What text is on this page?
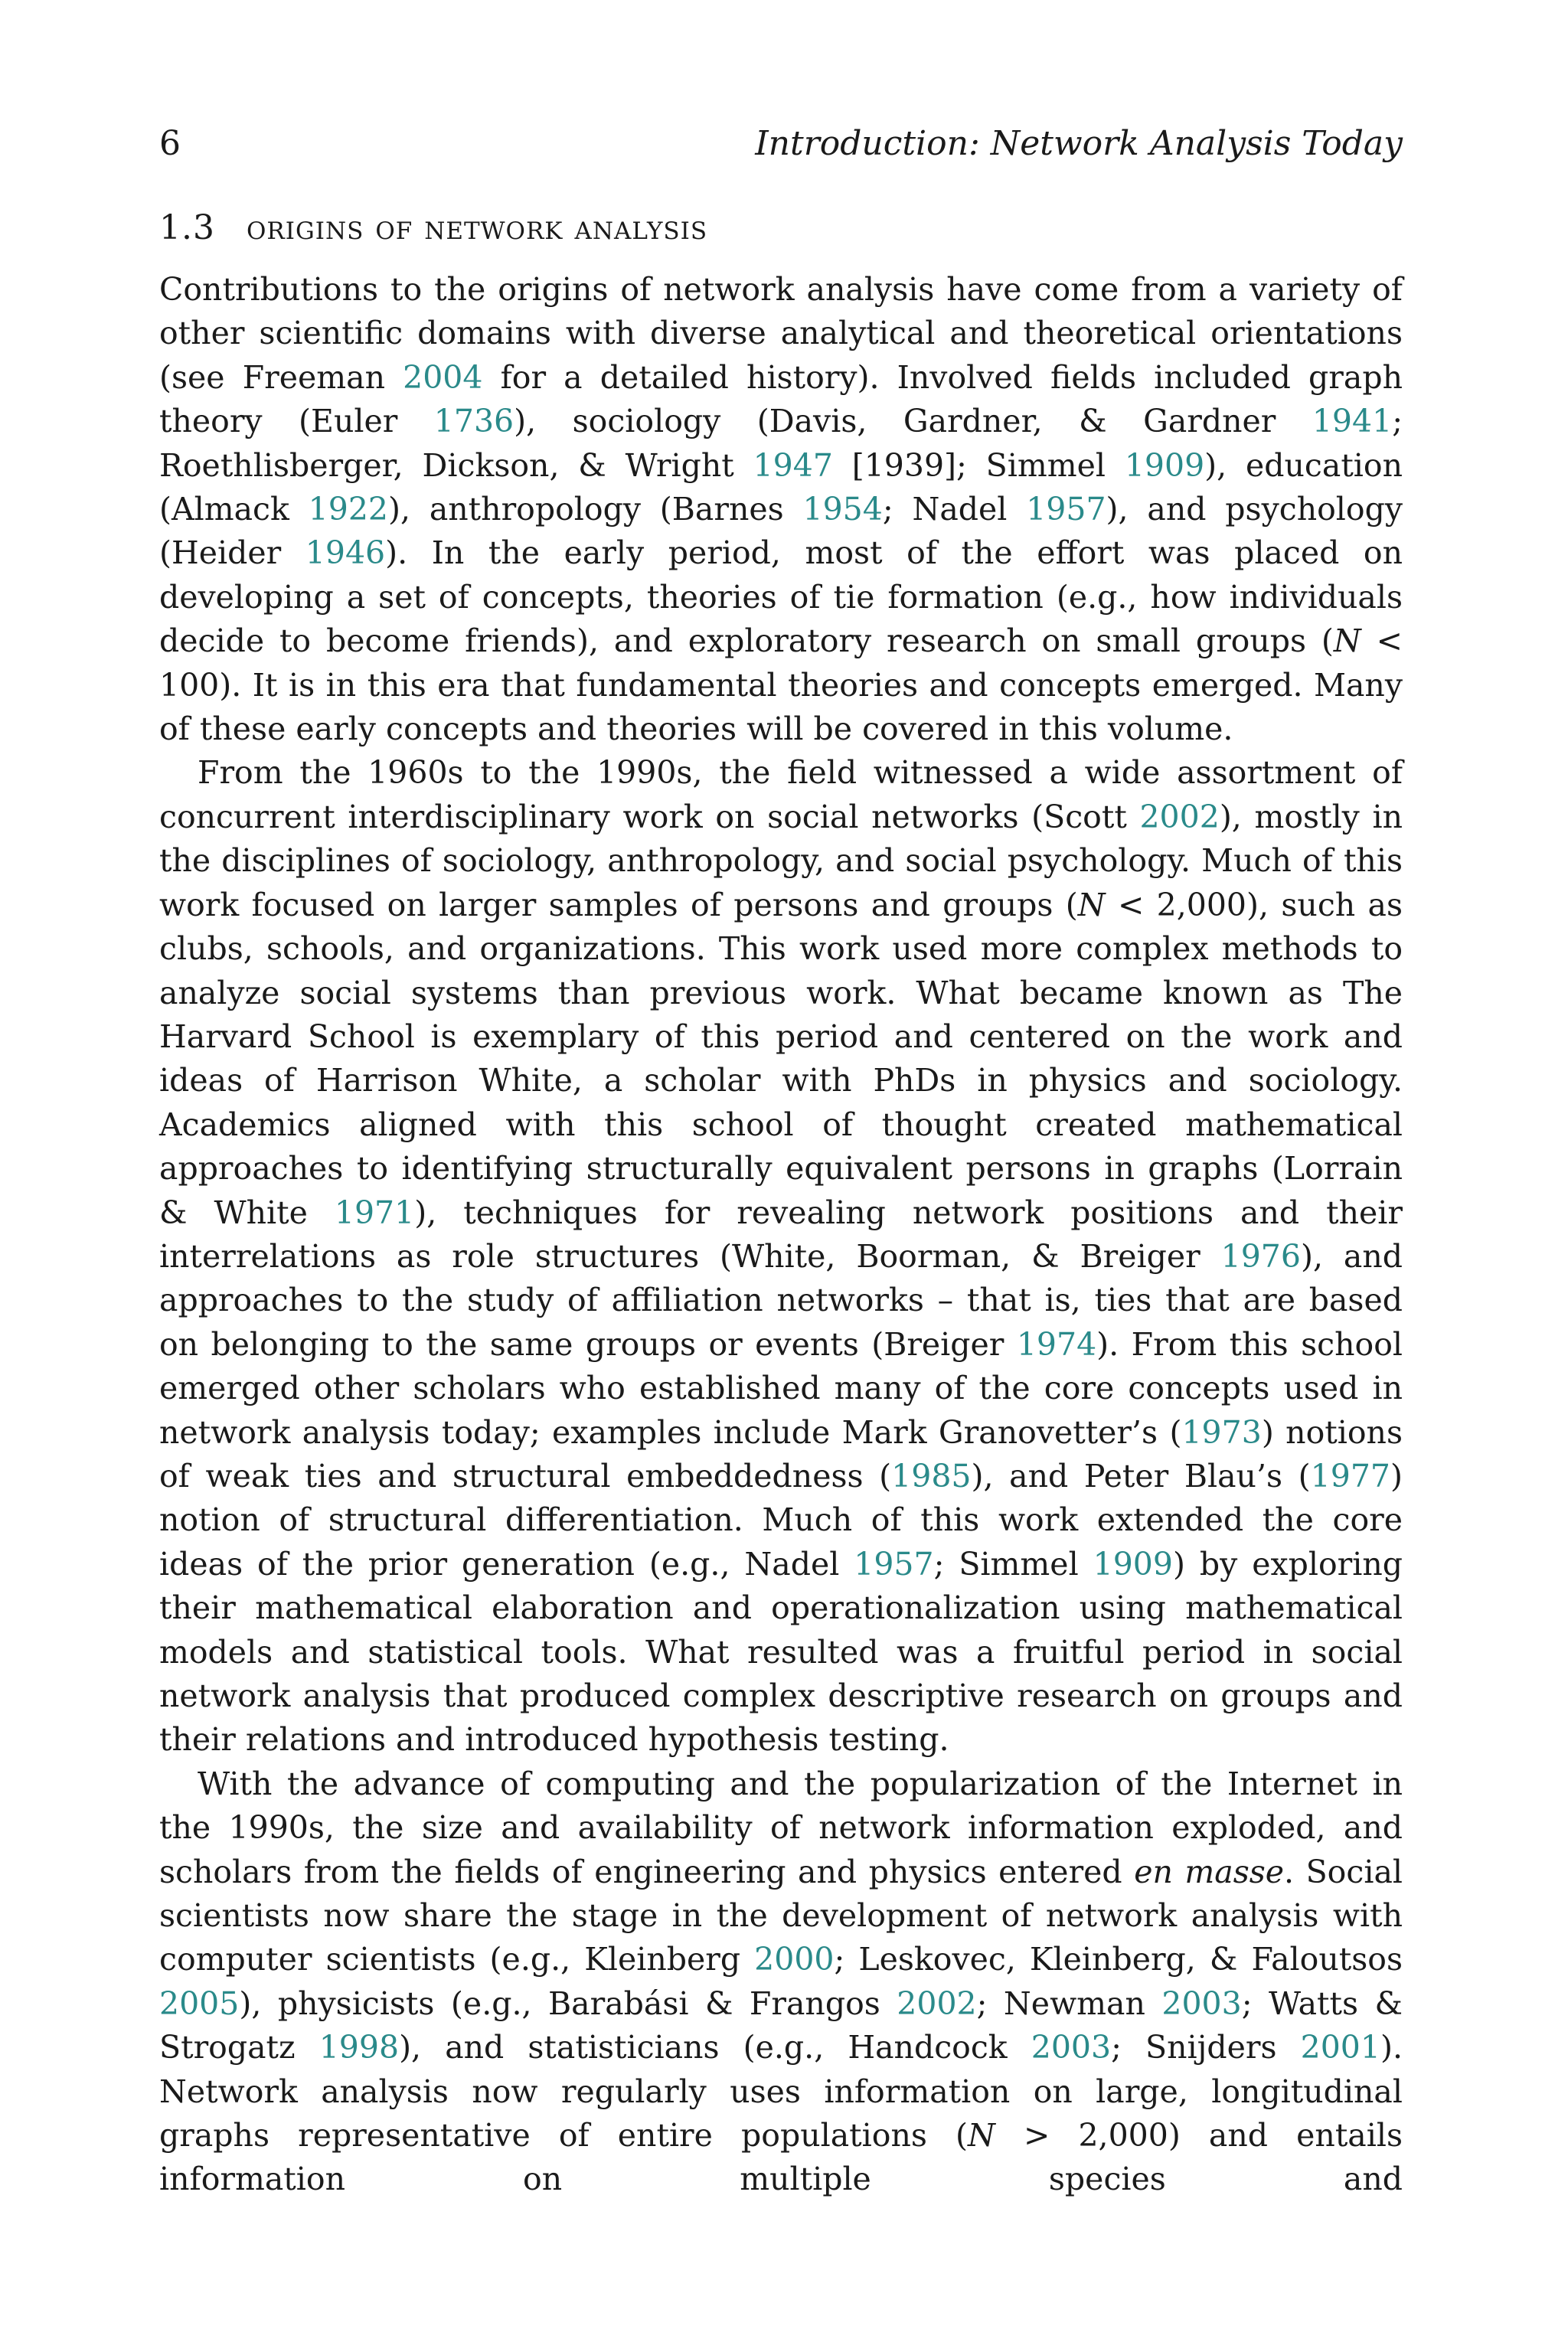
6	Introduction: Network Analysis Today
1.3 origins of network analysis

Contributions to the origins of network analysis have come from a variety of other scientific domains with diverse analytical and theoretical orientations (see Freeman 2004 for a detailed history). Involved fields included graph theory (Euler 1736), sociology (Davis, Gardner, & Gardner 1941; Roethlisberger, Dickson, & Wright 1947 [1939]; Simmel 1909), education (Almack 1922), anthropology (Barnes 1954; Nadel 1957), and psychology (Heider 1946). In the early period, most of the effort was placed on developing a set of concepts, theories of tie formation (e.g., how individuals decide to become friends), and exploratory research on small groups (N < 100). It is in this era that fundamental theories and concepts emerged. Many of these early concepts and theories will be covered in this volume.

From the 1960s to the 1990s, the field witnessed a wide assortment of concurrent interdisciplinary work on social networks (Scott 2002), mostly in the disciplines of sociology, anthropology, and social psychology. Much of this work focused on larger samples of persons and groups (N < 2,000), such as clubs, schools, and organizations. This work used more complex methods to analyze social systems than previous work. What became known as The Harvard School is exemplary of this period and centered on the work and ideas of Harrison White, a scholar with PhDs in physics and sociology. Academics aligned with this school of thought created mathematical approaches to identifying structurally equivalent persons in graphs (Lorrain & White 1971), techniques for revealing network positions and their interrelations as role structures (White, Boorman, & Breiger 1976), and approaches to the study of affiliation networks – that is, ties that are based on belonging to the same groups or events (Breiger 1974). From this school emerged other scholars who established many of the core concepts used in network analysis today; examples include Mark Granovetter’s (1973) notions of weak ties and structural embeddedness (1985), and Peter Blau’s (1977) notion of structural differentiation. Much of this work extended the core ideas of the prior generation (e.g., Nadel 1957; Simmel 1909) by exploring their mathematical elaboration and operationalization using mathematical models and statistical tools. What resulted was a fruitful period in social network analysis that produced complex descriptive research on groups and their relations and introduced hypothesis testing.

With the advance of computing and the popularization of the Internet in the 1990s, the size and availability of network information exploded, and scholars from the fields of engineering and physics entered en masse. Social scientists now share the stage in the development of network analysis with computer scientists (e.g., Kleinberg 2000; Leskovec, Kleinberg, & Faloutsos 2005), physicists (e.g., Barabási & Frangos 2002; Newman 2003; Watts & Strogatz 1998), and statisticians (e.g., Handcock 2003; Snijders 2001). Network analysis now regularly uses information on large, longitudinal graphs representative of entire populations (N > 2,000) and entails information on multiple species and
